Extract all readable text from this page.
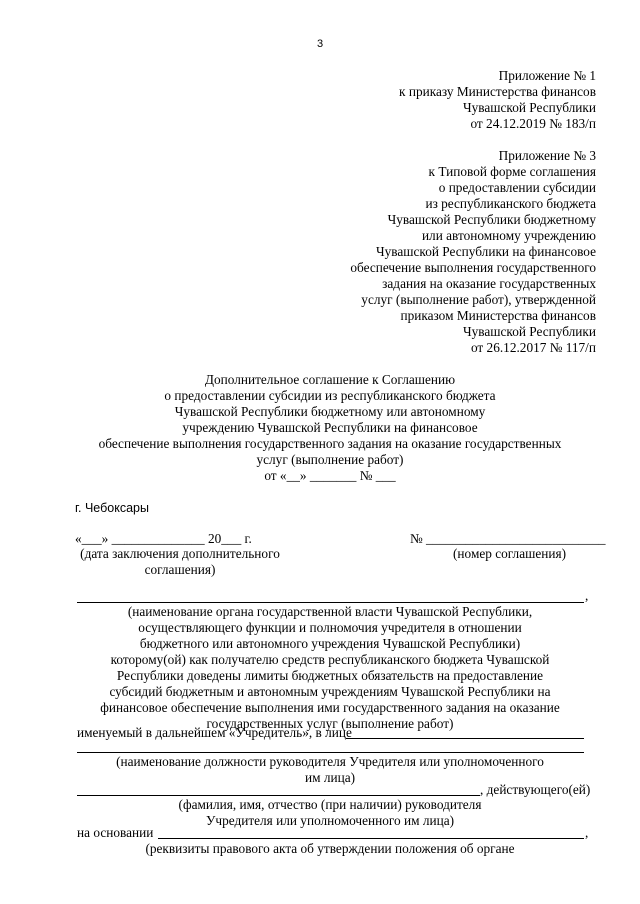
3
Приложение № 1
к приказу Министерства финансов
Чувашской Республики
от 24.12.2019 № 183/п
Приложение № 3
к Типовой форме соглашения
о предоставлении субсидии
из республиканского бюджета
Чувашской Республики бюджетному
или автономному учреждению
Чувашской Республики на финансовое
обеспечение выполнения государственного
задания на оказание государственных
услуг (выполнение работ), утвержденной
приказом Министерства финансов
Чувашской Республики
от 26.12.2017 № 117/п
Дополнительное соглашение к Соглашению
о предоставлении субсидии из республиканского бюджета
Чувашской Республики бюджетному или автономному
учреждению Чувашской Республики на финансовое
обеспечение выполнения государственного задания на оказание государственных
услуг (выполнение работ)
от «__» _______ № ___
г. Чебоксары
«___» ______________ 20___ г.	№ ___________________________
(дата заключения дополнительного
соглашения)
(номер соглашения)
,
(наименование органа государственной власти Чувашской Республики,
осуществляющего функции и полномочия учредителя в отношении
бюджетного или автономного учреждения Чувашской Республики)
которому(ой) как получателю средств республиканского бюджета Чувашской
Республики доведены лимиты бюджетных обязательств на предоставление
субсидий бюджетным и автономным учреждениям Чувашской Республики на
финансовое обеспечение выполнения ими государственного задания на оказание
государственных услуг (выполнение работ)
именуемый в дальнейшем «Учредитель», в лице
(наименование должности руководителя Учредителя или уполномоченного
им лица)
, действующего(ей)
(фамилия, имя, отчество (при наличии) руководителя
Учредителя или уполномоченного им лица)
на основании	,
(реквизиты правового акта об утверждении положения об органе
